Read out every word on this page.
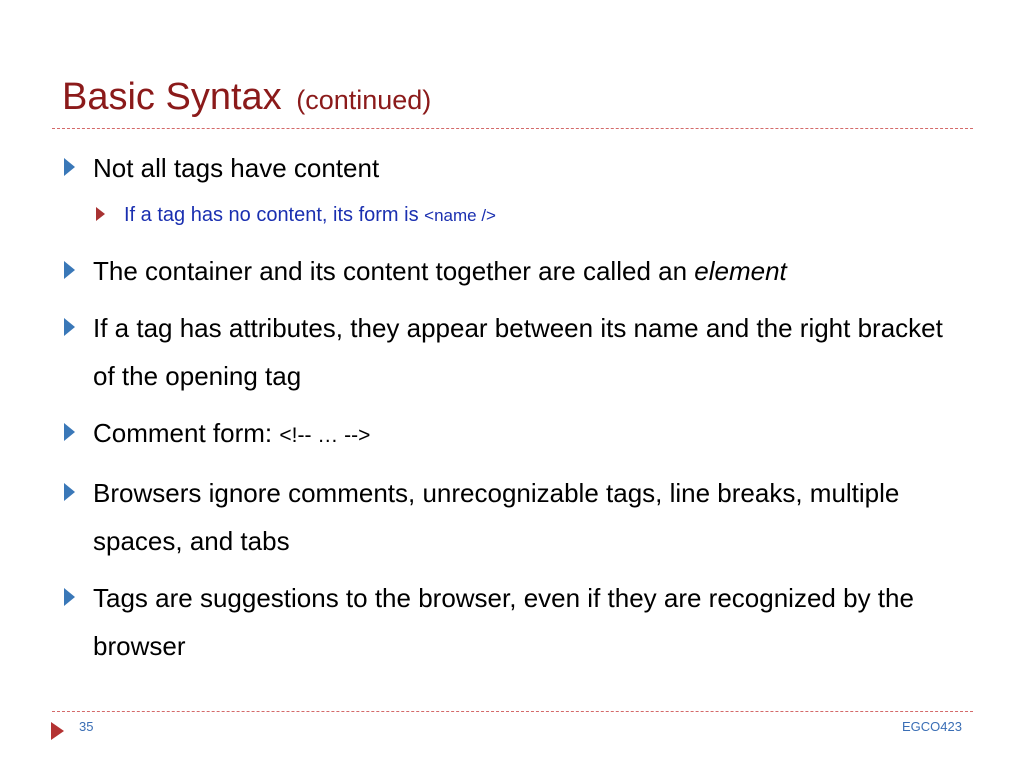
Basic Syntax (continued)
Not all tags have content
If a tag has no content, its form is <name />
The container and its content together are called an element
If a tag has attributes, they appear between its name and the right bracket of the opening tag
Comment form: <!-- … -->
Browsers ignore comments, unrecognizable tags, line breaks, multiple spaces, and tabs
Tags are suggestions to the browser, even if they are recognized by the browser
35	EGCO423
